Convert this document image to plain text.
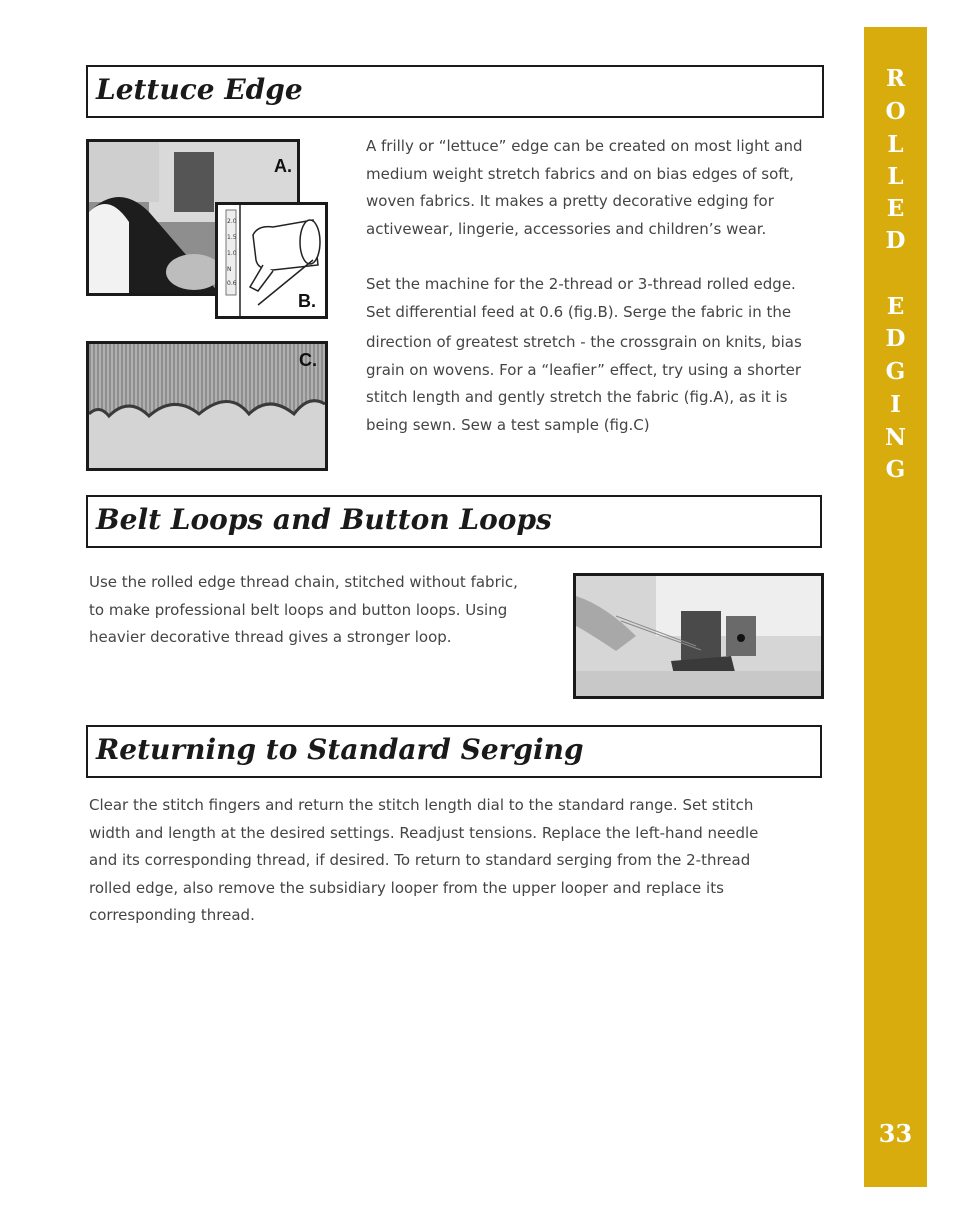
Lettuce Edge
A.
2.0
1.5
1.0
N
0.6
B.
C.
A frilly or “lettuce” edge can be created on most light and
medium weight stretch fabrics and on bias edges of soft,
woven fabrics. It makes a pretty decorative edging for
activewear, lingerie, accessories and children’s wear.
Set the machine for the 2-thread or 3-thread rolled edge.
Set differential feed at 0.6 (fig.B). Serge the fabric in the
direction of greatest stretch - the crossgrain on knits, bias
grain on wovens. For a “leafier” effect, try using a shorter
stitch length and gently stretch the fabric (fig.A), as it is
being sewn. Sew a test sample (fig.C)
Belt Loops and Button Loops
Use the rolled edge thread chain, stitched without fabric,
to make professional belt loops and button loops. Using
heavier decorative thread gives a stronger loop.
Returning to Standard Serging
Clear the stitch fingers and return the stitch length dial to the standard range. Set stitch
width and length at the desired settings. Readjust tensions. Replace the left-hand needle
and its corresponding thread, if desired. To return to standard serging from the 2-thread
rolled edge, also remove the subsidiary looper from the upper looper and replace its
corresponding thread.
R
O
L
L
E
D
E
D
G
I
N
G
33
